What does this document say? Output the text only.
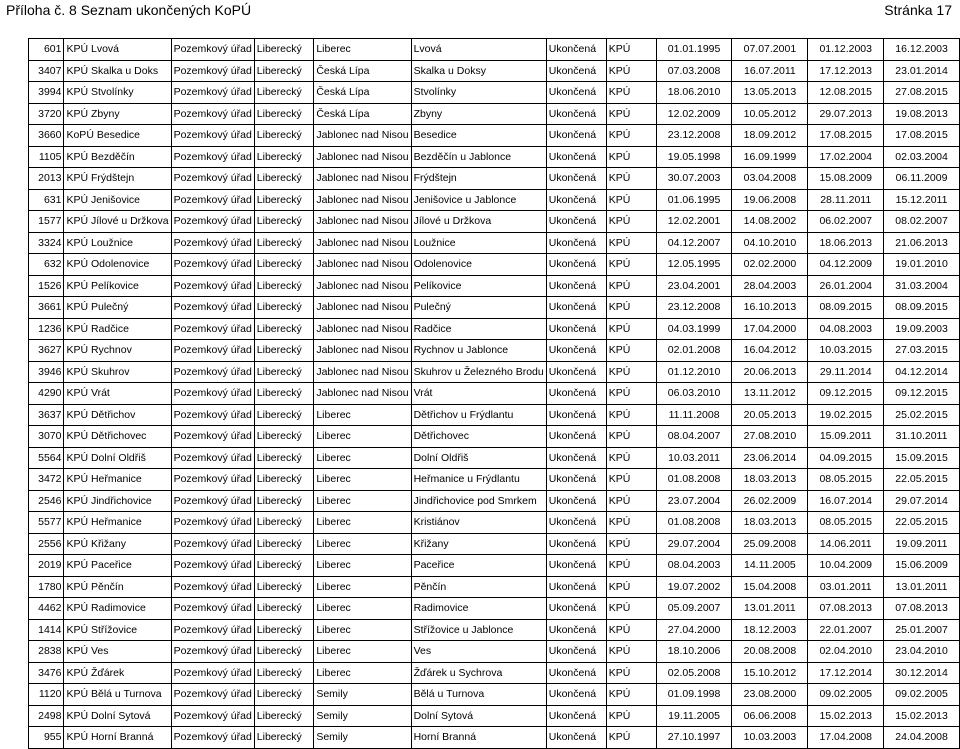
Příloha č. 8 Seznam ukončených KoPÚ	Stránka 17
601	KPÚ Lvová	Pozemkový úřad	Liberecký	Liberec	Lvová	Ukončená	KPÚ	01.01.1995	07.07.2001	01.12.2003	16.12.2003
3407	KPÚ Skalka u Doks	Pozemkový úřad	Liberecký	Česká Lípa	Skalka u Doksy	Ukončená	KPÚ	07.03.2008	16.07.2011	17.12.2013	23.01.2014
3994	KPÚ Stvolínky	Pozemkový úřad	Liberecký	Česká Lípa	Stvolínky	Ukončená	KPÚ	18.06.2010	13.05.2013	12.08.2015	27.08.2015
3720	KPÚ Zbyny	Pozemkový úřad	Liberecký	Česká Lípa	Zbyny	Ukončená	KPÚ	12.02.2009	10.05.2012	29.07.2013	19.08.2013
3660	KoPÚ Besedice	Pozemkový úřad	Liberecký	Jablonec nad Nisou	Besedice	Ukončená	KPÚ	23.12.2008	18.09.2012	17.08.2015	17.08.2015
1105	KPÚ Bezděčín	Pozemkový úřad	Liberecký	Jablonec nad Nisou	Bezděčín u Jablonce	Ukončená	KPÚ	19.05.1998	16.09.1999	17.02.2004	02.03.2004
2013	KPÚ Frýdštejn	Pozemkový úřad	Liberecký	Jablonec nad Nisou	Frýdštejn	Ukončená	KPÚ	30.07.2003	03.04.2008	15.08.2009	06.11.2009
631	KPÚ Jenišovice	Pozemkový úřad	Liberecký	Jablonec nad Nisou	Jenišovice u Jablonce	Ukončená	KPÚ	01.06.1995	19.06.2008	28.11.2011	15.12.2011
1577	KPÚ Jílové u Držkova	Pozemkový úřad	Liberecký	Jablonec nad Nisou	Jílové u Držkova	Ukončená	KPÚ	12.02.2001	14.08.2002	06.02.2007	08.02.2007
3324	KPÚ Loužnice	Pozemkový úřad	Liberecký	Jablonec nad Nisou	Loužnice	Ukončená	KPÚ	04.12.2007	04.10.2010	18.06.2013	21.06.2013
632	KPÚ Odolenovice	Pozemkový úřad	Liberecký	Jablonec nad Nisou	Odolenovice	Ukončená	KPÚ	12.05.1995	02.02.2000	04.12.2009	19.01.2010
1526	KPÚ Pelíkovice	Pozemkový úřad	Liberecký	Jablonec nad Nisou	Pelíkovice	Ukončená	KPÚ	23.04.2001	28.04.2003	26.01.2004	31.03.2004
3661	KPÚ Pulečný	Pozemkový úřad	Liberecký	Jablonec nad Nisou	Pulečný	Ukončená	KPÚ	23.12.2008	16.10.2013	08.09.2015	08.09.2015
1236	KPÚ Radčice	Pozemkový úřad	Liberecký	Jablonec nad Nisou	Radčice	Ukončená	KPÚ	04.03.1999	17.04.2000	04.08.2003	19.09.2003
3627	KPÚ Rychnov	Pozemkový úřad	Liberecký	Jablonec nad Nisou	Rychnov u Jablonce	Ukončená	KPÚ	02.01.2008	16.04.2012	10.03.2015	27.03.2015
3946	KPÚ Skuhrov	Pozemkový úřad	Liberecký	Jablonec nad Nisou	Skuhrov u Železného Brodu	Ukončená	KPÚ	01.12.2010	20.06.2013	29.11.2014	04.12.2014
4290	KPÚ Vrát	Pozemkový úřad	Liberecký	Jablonec nad Nisou	Vrát	Ukončená	KPÚ	06.03.2010	13.11.2012	09.12.2015	09.12.2015
3637	KPÚ Dětřichov	Pozemkový úřad	Liberecký	Liberec	Dětřichov u Frýdlantu	Ukončená	KPÚ	11.11.2008	20.05.2013	19.02.2015	25.02.2015
3070	KPÚ Dětřichovec	Pozemkový úřad	Liberecký	Liberec	Dětřichovec	Ukončená	KPÚ	08.04.2007	27.08.2010	15.09.2011	31.10.2011
5564	KPÚ Dolní Oldřiš	Pozemkový úřad	Liberecký	Liberec	Dolní Oldřiš	Ukončená	KPÚ	10.03.2011	23.06.2014	04.09.2015	15.09.2015
3472	KPÚ Heřmanice	Pozemkový úřad	Liberecký	Liberec	Heřmanice u Frýdlantu	Ukončená	KPÚ	01.08.2008	18.03.2013	08.05.2015	22.05.2015
2546	KPÚ Jindřichovice	Pozemkový úřad	Liberecký	Liberec	Jindřichovice pod Smrkem	Ukončená	KPÚ	23.07.2004	26.02.2009	16.07.2014	29.07.2014
5577	KPÚ Heřmanice	Pozemkový úřad	Liberecký	Liberec	Kristiánov	Ukončená	KPÚ	01.08.2008	18.03.2013	08.05.2015	22.05.2015
2556	KPÚ Křižany	Pozemkový úřad	Liberecký	Liberec	Křižany	Ukončená	KPÚ	29.07.2004	25.09.2008	14.06.2011	19.09.2011
2019	KPÚ Paceřice	Pozemkový úřad	Liberecký	Liberec	Paceřice	Ukončená	KPÚ	08.04.2003	14.11.2005	10.04.2009	15.06.2009
1780	KPÚ Pěnčín	Pozemkový úřad	Liberecký	Liberec	Pěnčín	Ukončená	KPÚ	19.07.2002	15.04.2008	03.01.2011	13.01.2011
4462	KPÚ Radimovice	Pozemkový úřad	Liberecký	Liberec	Radimovice	Ukončená	KPÚ	05.09.2007	13.01.2011	07.08.2013	07.08.2013
1414	KPÚ Střížovice	Pozemkový úřad	Liberecký	Liberec	Střížovice u Jablonce	Ukončená	KPÚ	27.04.2000	18.12.2003	22.01.2007	25.01.2007
2838	KPÚ Ves	Pozemkový úřad	Liberecký	Liberec	Ves	Ukončená	KPÚ	18.10.2006	20.08.2008	02.04.2010	23.04.2010
3476	KPÚ Žďárek	Pozemkový úřad	Liberecký	Liberec	Žďárek u Sychrova	Ukončená	KPÚ	02.05.2008	15.10.2012	17.12.2014	30.12.2014
1120	KPÚ Bělá u Turnova	Pozemkový úřad	Liberecký	Semily	Bělá u Turnova	Ukončená	KPÚ	01.09.1998	23.08.2000	09.02.2005	09.02.2005
2498	KPÚ Dolní Sytová	Pozemkový úřad	Liberecký	Semily	Dolní Sytová	Ukončená	KPÚ	19.11.2005	06.06.2008	15.02.2013	15.02.2013
955	KPÚ Horní Branná	Pozemkový úřad	Liberecký	Semily	Horní Branná	Ukončená	KPÚ	27.10.1997	10.03.2003	17.04.2008	24.04.2008
